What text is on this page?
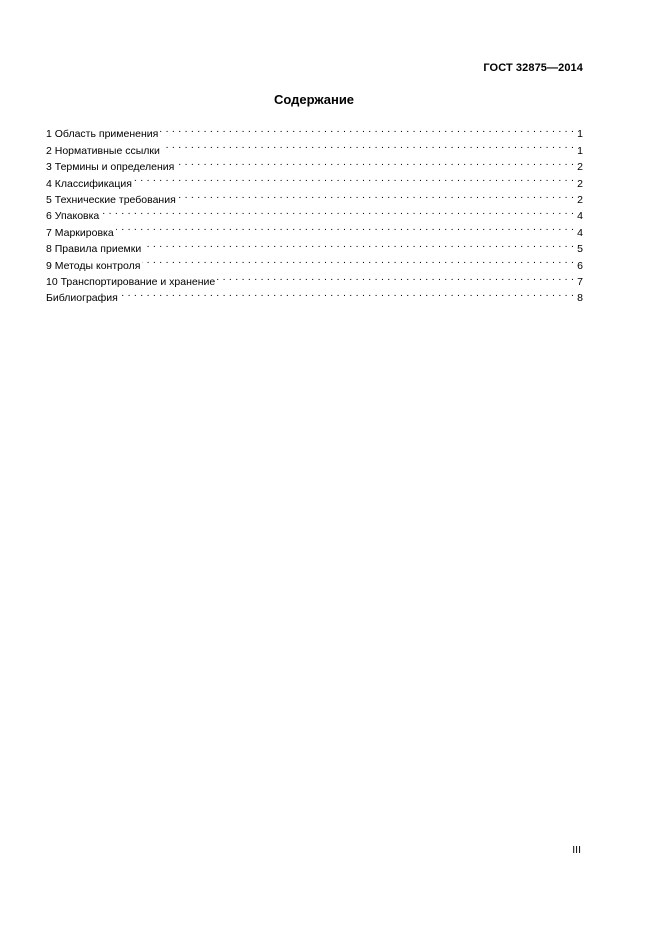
ГОСТ 32875—2014
Содержание
1 Область применения . . .	1
2 Нормативные ссылки . . .	1
3 Термины и определения . . .	2
4 Классификация . . .	2
5 Технические требования . . .	2
6 Упаковка . . .	4
7 Маркировка . . .	4
8 Правила приемки . . .	5
9 Методы контроля . . .	6
10 Транспортирование и хранение . . .	7
Библиография . . .	8
III
